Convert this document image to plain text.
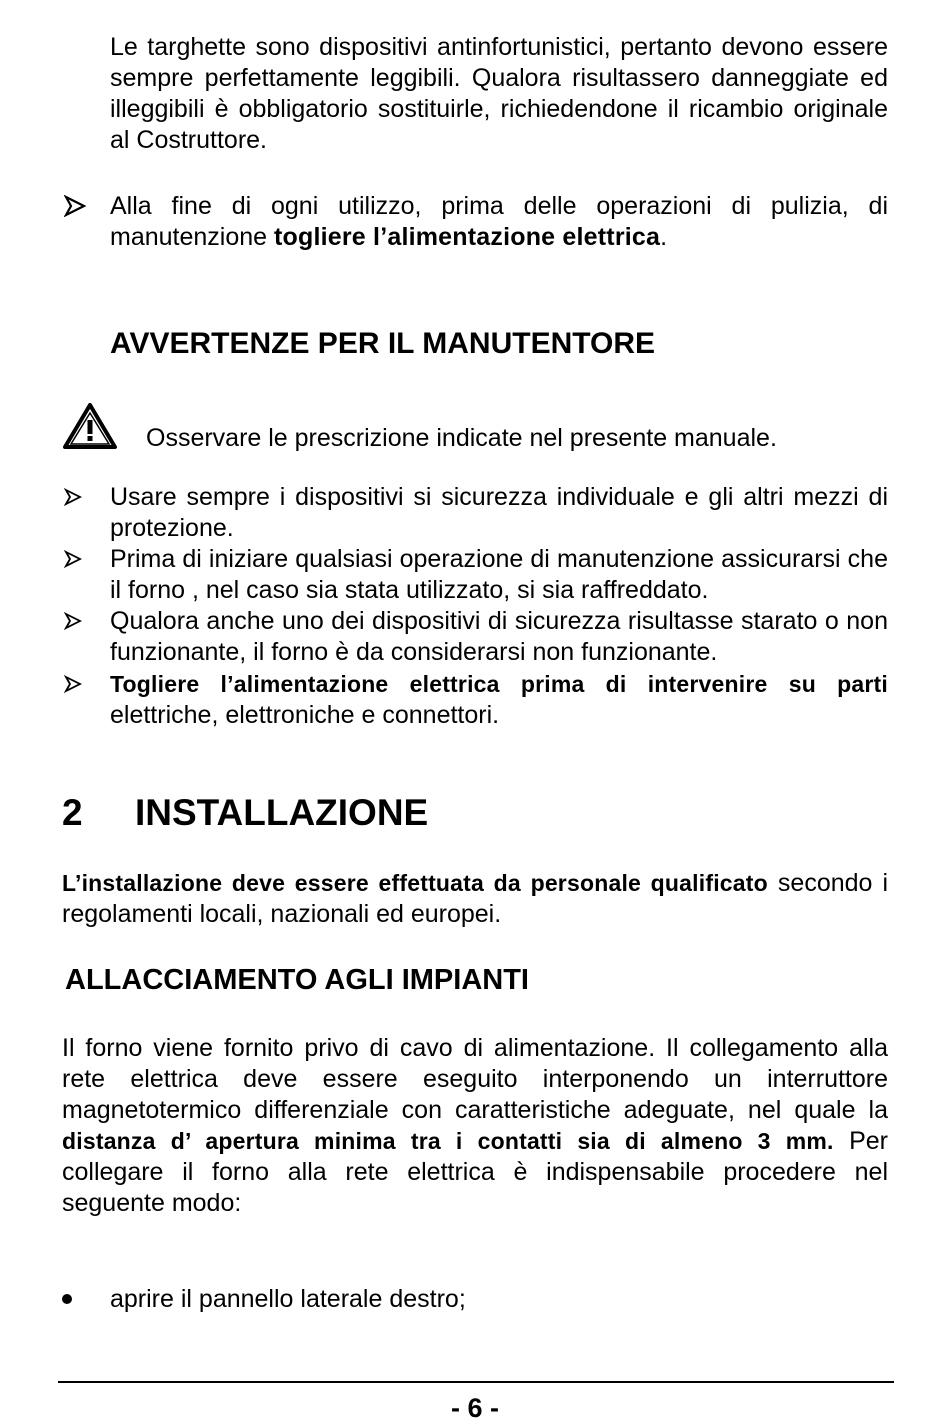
Le targhette sono dispositivi antinfortunistici, pertanto devono essere sempre perfettamente leggibili. Qualora risultassero danneggiate ed illeggibili è obbligatorio sostituirle, richiedendone il ricambio originale al Costruttore.
Alla fine di ogni utilizzo, prima delle operazioni di pulizia, di manutenzione togliere l’alimentazione elettrica.
AVVERTENZE PER IL MANUTENTORE
Osservare le prescrizione indicate nel presente manuale.
Usare sempre i dispositivi si sicurezza individuale e gli altri mezzi di protezione.
Prima di iniziare qualsiasi operazione di manutenzione assicurarsi che il forno , nel caso sia stata utilizzato, si sia raffreddato.
Qualora anche uno dei dispositivi di sicurezza risultasse starato o non funzionante, il forno è da considerarsi non funzionante.
Togliere l’alimentazione elettrica prima di intervenire su parti
elettriche, elettroniche e connettori.
2 INSTALLAZIONE
L’installazione deve essere effettuata da personale qualificato secondo i regolamenti locali, nazionali ed europei.
ALLACCIAMENTO AGLI IMPIANTI
Il forno viene fornito privo di cavo di alimentazione. Il collegamento alla rete elettrica deve essere eseguito interponendo un interruttore magnetotermico differenziale con caratteristiche adeguate, nel quale la distanza d’ apertura minima tra i contatti sia di almeno 3 mm. Per collegare il forno alla rete elettrica è indispensabile procedere nel seguente modo:
aprire il pannello laterale destro;
- 6 -
